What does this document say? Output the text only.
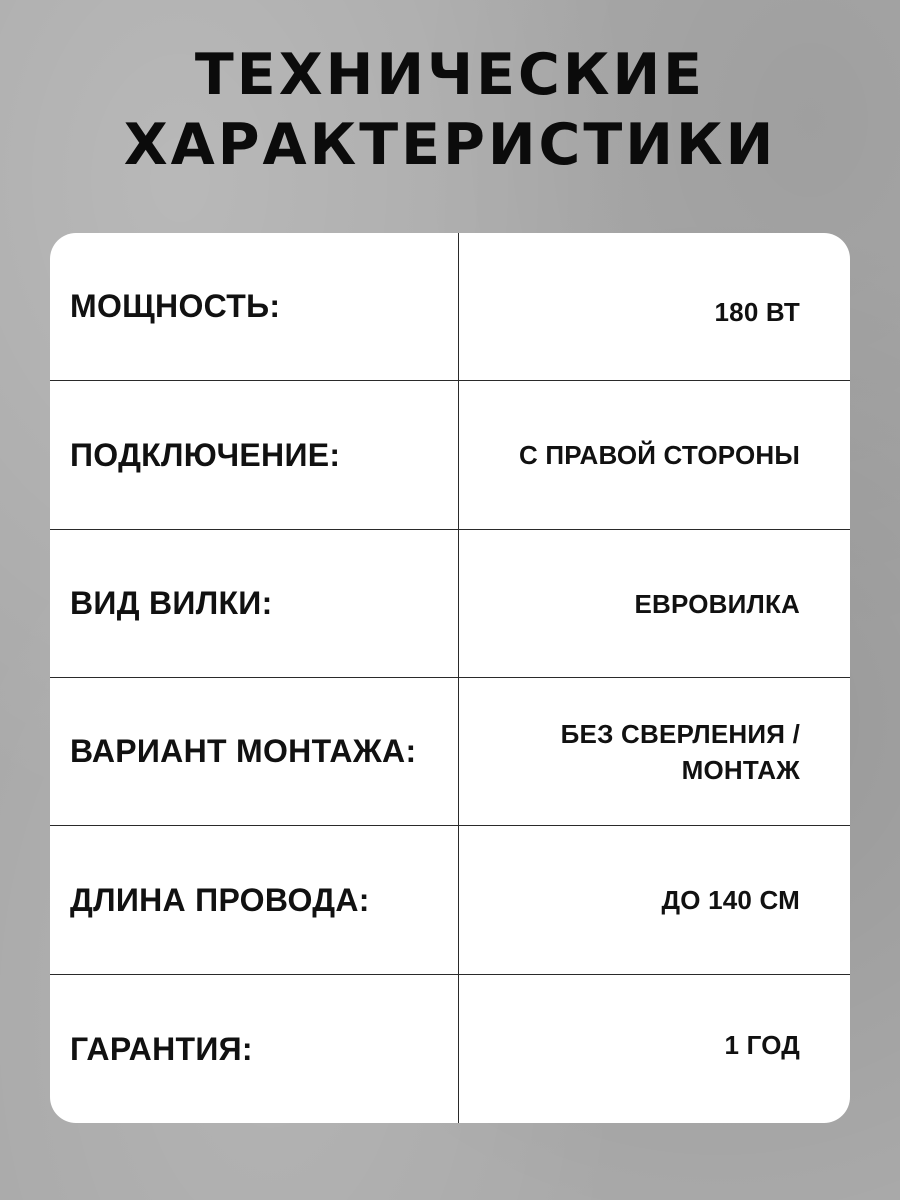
ТЕХНИЧЕСКИЕ
ХАРАКТЕРИСТИКИ
МОЩНОСТЬ:	180 ВТ
ПОДКЛЮЧЕНИЕ:	С ПРАВОЙ СТОРОНЫ
ВИД ВИЛКИ:	ЕВРОВИЛКА
ВАРИАНТ МОНТАЖА:	БЕЗ СВЕРЛЕНИЯ /
МОНТАЖ
ДЛИНА ПРОВОДА:	ДО 140 СМ
ГАРАНТИЯ:	1 ГОД
